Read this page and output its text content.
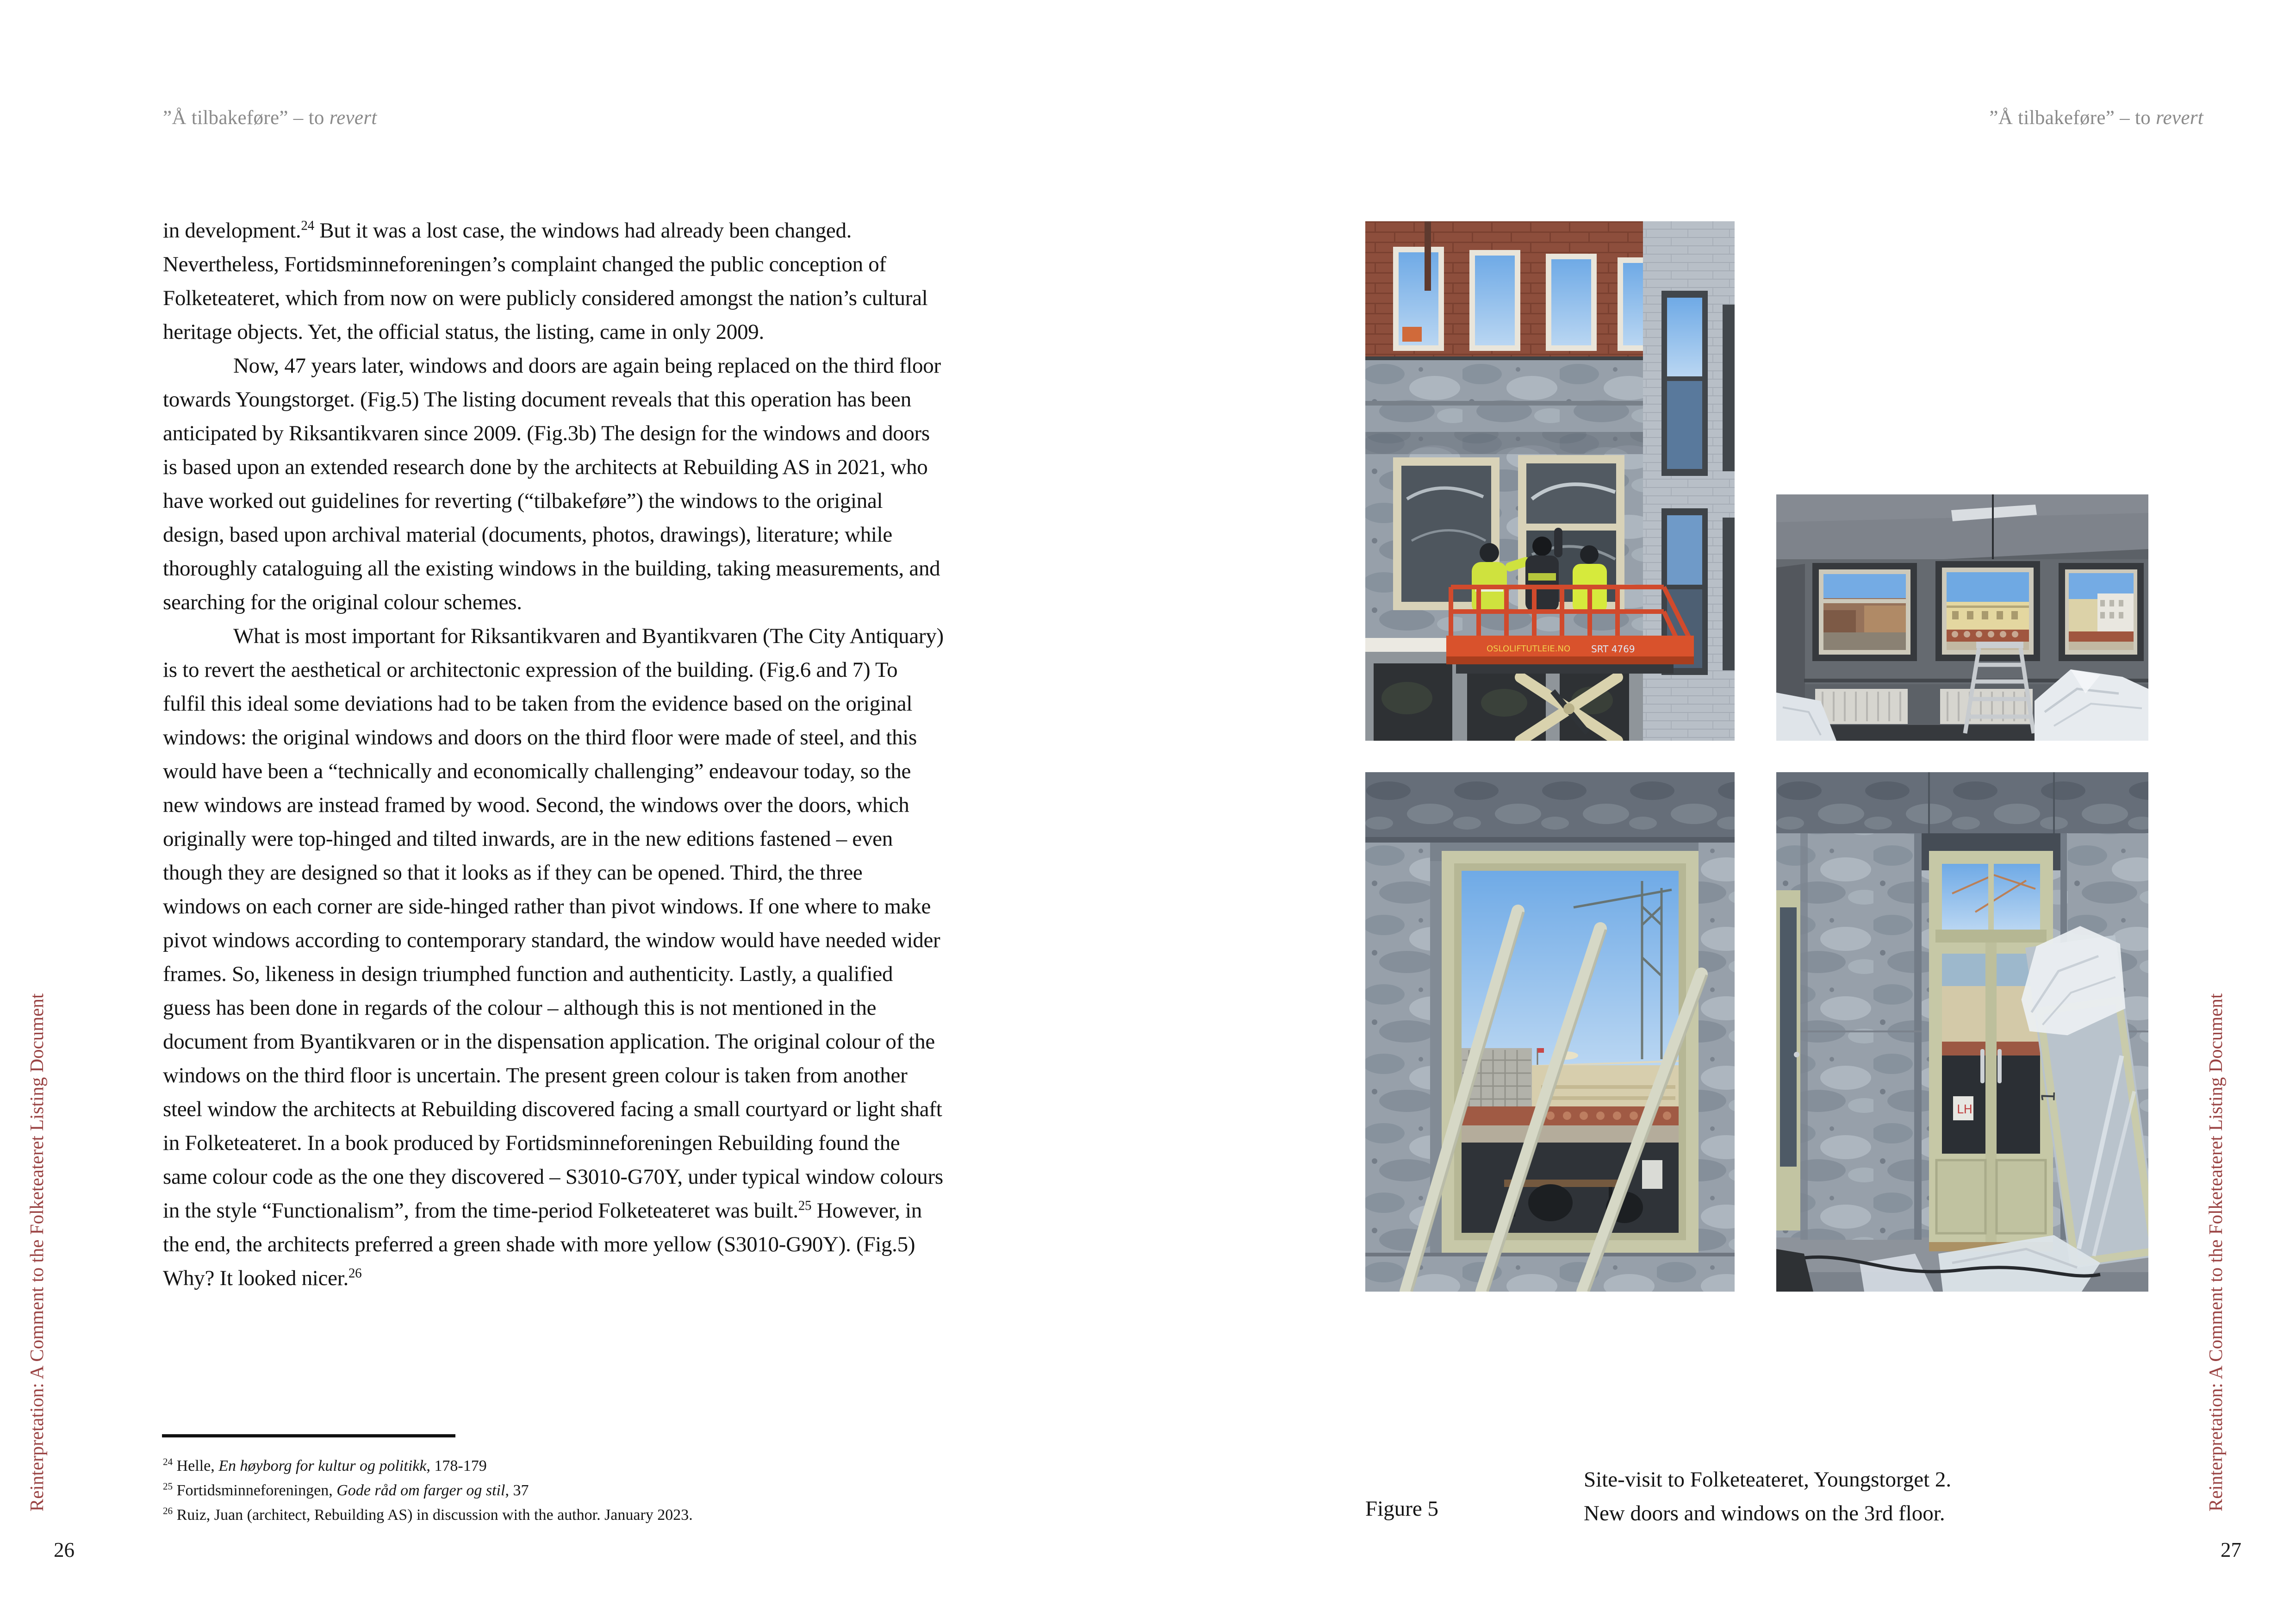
”Å tilbakeføre” – to revert	”Å tilbakeføre” – to revert

in development.$^{24}$ But it was a lost case, the windows had already been changed. Nevertheless, Fortidsminneforeningen’s complaint changed the public conception of Folketeateret, which from now on were publicly considered amongst the nation’s cultural heritage objects. Yet, the official status, the listing, came in only 2009.

Now, 47 years later, windows and doors are again being replaced on the third floor towards Youngstorget. (Fig.5) The listing document reveals that this operation has been anticipated by Riksantikvaren since 2009. (Fig.3b) The design for the windows and doors is based upon an extended research done by the architects at Rebuilding AS in 2021, who have worked out guidelines for reverting (“tilbakeføre”) the windows to the original design, based upon archival material (documents, photos, drawings), literature; while thoroughly cataloguing all the existing windows in the building, taking measurements, and searching for the original colour schemes.

What is most important for Riksantikvaren and Byantikvaren (The City Antiquary) is to revert the aesthetical or architectonic expression of the building. (Fig.6 and 7) To fulfil this ideal some deviations had to be taken from the evidence based on the original windows: the original windows and doors on the third floor were made of steel, and this would have been a “technically and economically challenging” endeavour today, so the new windows are instead framed by wood. Second, the windows over the doors, which originally were top-hinged and tilted inwards, are in the new editions fastened – even though they are designed so that it looks as if they can be opened. Third, the three windows on each corner are side-hinged rather than pivot windows. If one where to make pivot windows according to contemporary standard, the window would have needed wider frames. So, likeness in design triumphed function and authenticity. Lastly, a qualified guess has been done in regards of the colour – although this is not mentioned in the document from Byantikvaren or in the dispensation application. The original colour of the windows on the third floor is uncertain. The present green colour is taken from another steel window the architects at Rebuilding discovered facing a small courtyard or light shaft in Folketeateret. In a book produced by Fortidsminneforeningen Rebuilding found the same colour code as the one they discovered – S3010-G70Y, under typical window colours in the style “Functionalism”, from the time-period Folketeateret was built.$^{25}$ However, in the end, the architects preferred a green shade with more yellow (S3010-G90Y). (Fig.5) Why? It looked nicer.$^{26}$

$^{24}$ Helle, En høyborg for kultur og politikk, 178-179

$^{25}$ Fortidsminneforeningen, Gode råd om farger og stil, 37

$^{26}$ Ruiz, Juan (architect, Rebuilding AS) in discussion with the author. January 2023.

Reinterpretation: A Comment to the Folketeateret Listing Document	Reinterpretation: A Comment to the Folketeateret Listing Document
26	27
OSLOLIFTUTLEIE.NO SRT 4769
LH
1
Figure 5
Site-visit to Folketeateret, Youngstorget 2.
New doors and windows on the 3rd floor.
